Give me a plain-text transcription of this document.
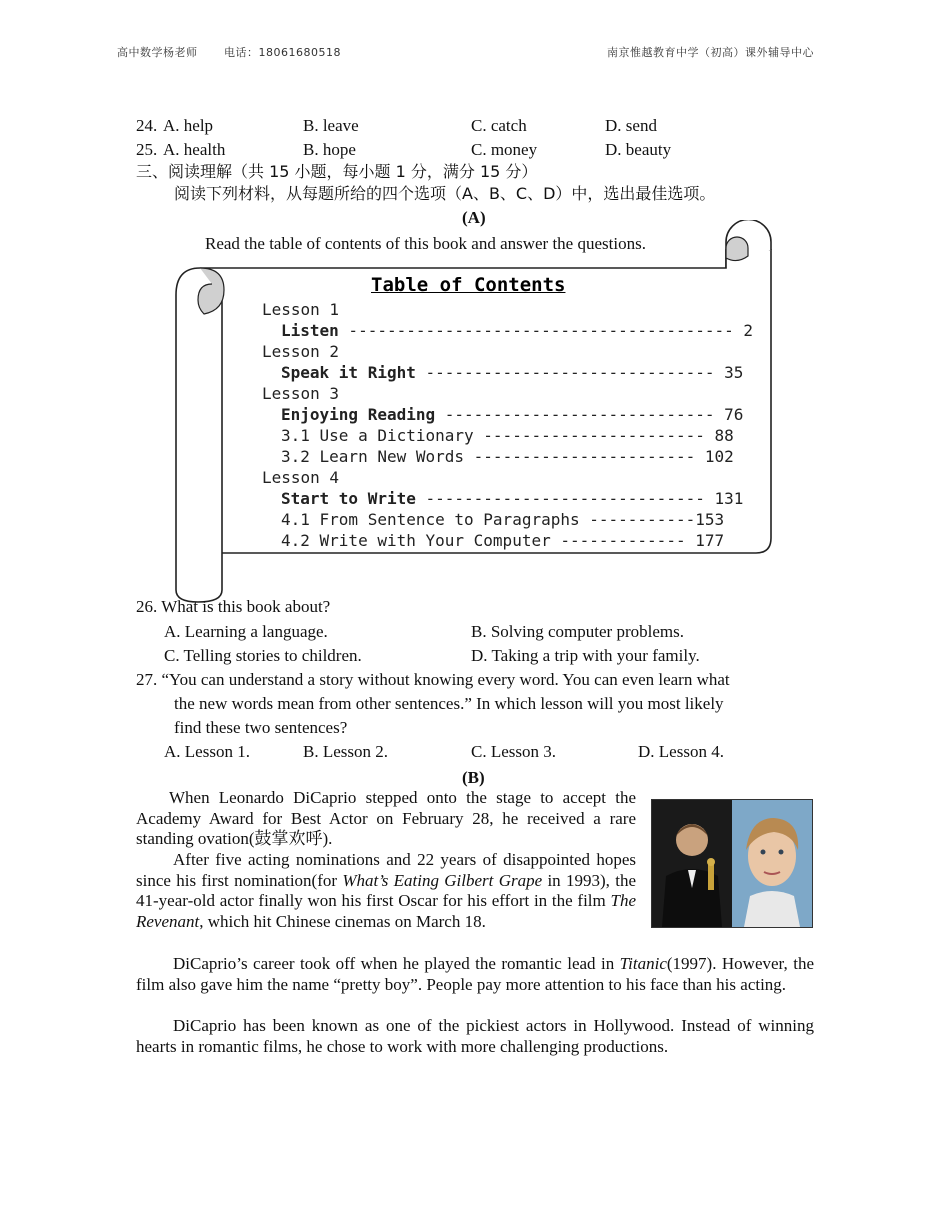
高中数学杨老师 电话：18061680518	南京惟越教育中学（初高）课外辅导中心
24. A. help	B. leave	C. catch	D. send
25. A. health	B. hope	C. money	D. beauty
三、阅读理解（共 15 小题，每小题 1 分，满分 15 分）
阅读下列材料，从每题所给的四个选项（A、B、C、D）中，选出最佳选项。
(A)
Read the table of contents of this book and answer the questions.
Table of Contents
Lesson 1
Listen ---------------------------------------- 2
Lesson 2
Speak it Right ------------------------------ 35
Lesson 3
Enjoying Reading ---------------------------- 76
3.1 Use a Dictionary ----------------------- 88
3.2 Learn New Words ----------------------- 102
Lesson 4
Start to Write ----------------------------- 131
4.1 From Sentence to Paragraphs -----------153
4.2 Write with Your Computer ------------- 177
26. What is this book about?
A. Learning a language.	B. Solving computer problems.
C. Telling stories to children.	D. Taking a trip with your family.
27. “You can understand a story without knowing every word. You can even learn what
the new words mean from other sentences.” In which lesson will you most likely
find these two sentences?
A. Lesson 1.	B. Lesson 2.	C. Lesson 3.	D. Lesson 4.
(B)
When Leonardo DiCaprio stepped onto the stage to accept the Academy Award for Best Actor on February 28, he received a rare standing ovation(鼓掌欢呼).
After five acting nominations and 22 years of disappointed hopes since his first nomination(for What’s Eating Gilbert Grape in 1993), the 41-year-old actor finally won his first Oscar for his effort in the film The Revenant, which hit Chinese cinemas on March 18.
DiCaprio’s career took off when he played the romantic lead in Titanic(1997). However, the film also gave him the name “pretty boy”. People pay more attention to his face than his acting.
DiCaprio has been known as one of the pickiest actors in Hollywood. Instead of winning hearts in romantic films, he chose to work with more challenging productions.
